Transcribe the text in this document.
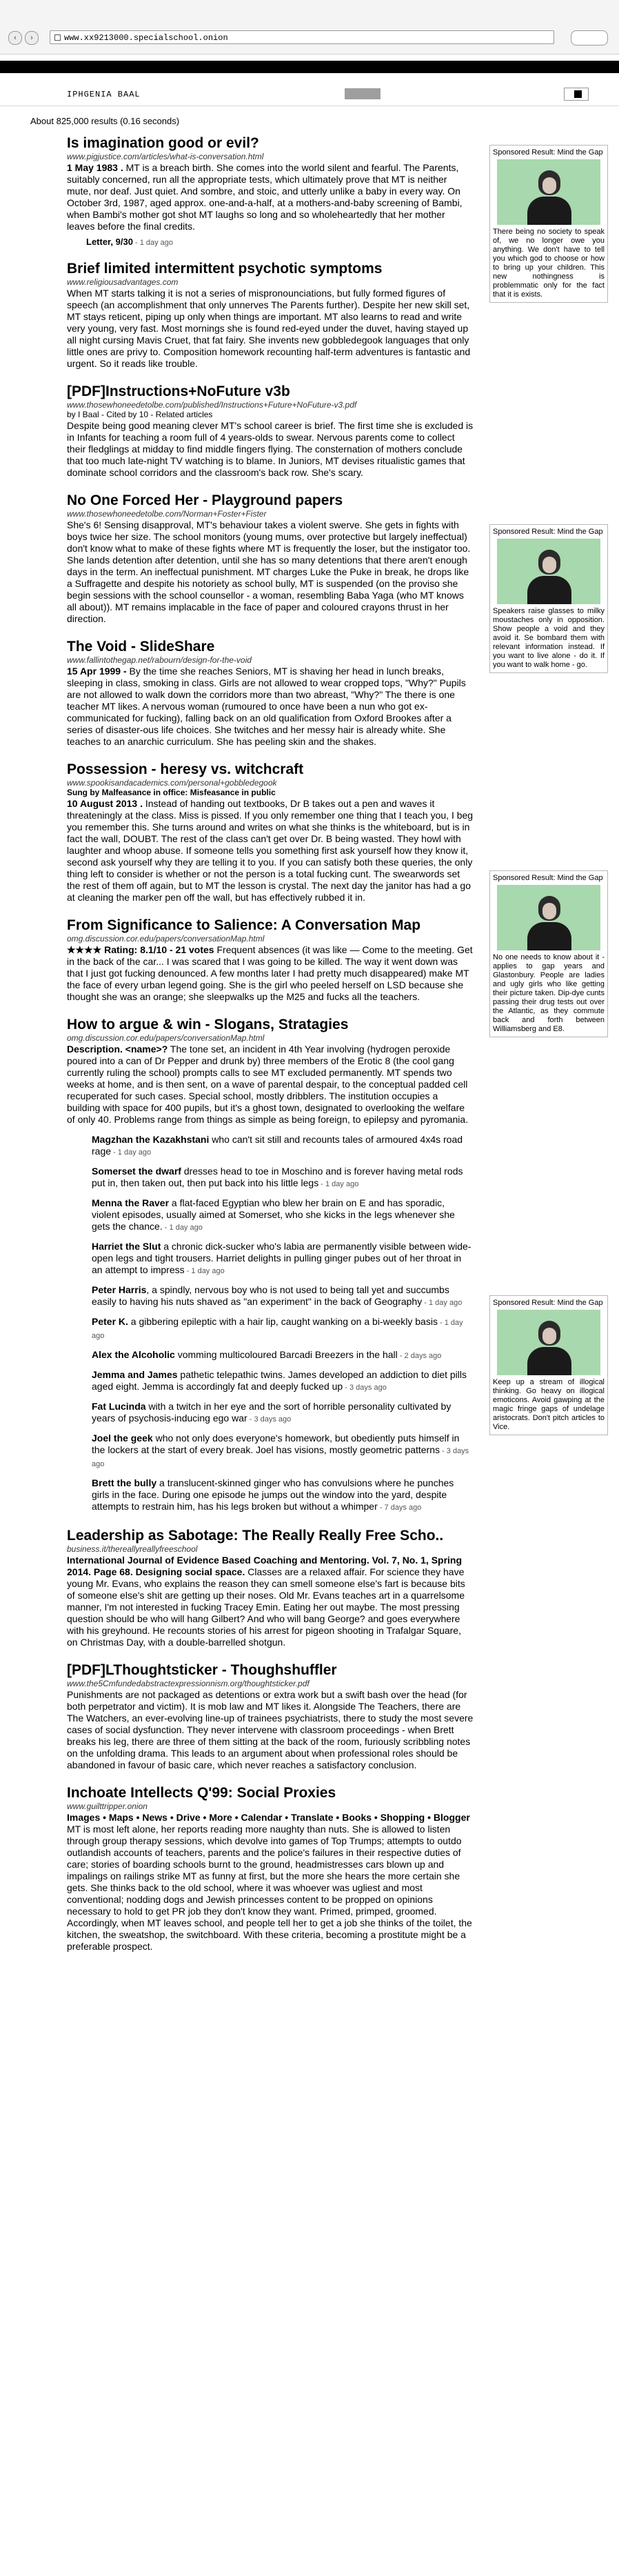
‹	›	www.xx9213000.specialschool.onion
IPHGENIA BAAL
About 825,000 results (0.16 seconds)
Is imagination good or evil?
www.pigjustice.com/articles/what-is-conversation.html
1 May 1983 . MT is a breach birth. She comes into the world silent and fearful. The Parents, suitably concerned, run all the appropriate tests, which ultimately prove that MT is neither mute, nor deaf. Just quiet. And sombre, and stoic, and utterly unlike a baby in every way. On October 3rd, 1987, aged approx. one-and-a-half, at a mothers-and-baby screening of Bambi, when Bambi's mother got shot MT laughs so long and so wholeheartedly that her mother leaves before the final credits.
Letter, 9/30 - 1 day ago
Brief limited intermittent psychotic symptoms
www.religiousadvantages.com
When MT starts talking it is not a series of mispronounciations, but fully formed figures of speech (an accomplishment that only unnerves The Parents further). Despite her new skill set, MT stays reticent, piping up only when things are important. MT also learns to read and write very young, very fast. Most mornings she is found red-eyed under the duvet, having stayed up all night cursing Mavis Cruet, that fat fairy. She invents new gobbledegook languages that only little ones are privy to. Composition homework recounting half-term adventures is fantastic and urgent. So it reads like trouble.
[PDF]Instructions+NoFuture v3b
www.thosewhoneedetolbe.com/published/Instructions+Future+NoFuture-v3.pdf
by I Baal - Cited by 10 - Related articles
Despite being good meaning clever MT's school career is brief. The first time she is excluded is in Infants for teaching a room full of 4 years-olds to swear. Nervous parents come to collect their fledglings at midday to find middle fingers flying. The consternation of mothers conclude that too much late-night TV watching is to blame. In Juniors, MT devises ritualistic games that dominate school corridors and the classroom's back row. She's scary.
No One Forced Her - Playground papers
www.thosewhoneedetolbe.com/Norman+Foster+Fister
She's 6! Sensing disapproval, MT's behaviour takes a violent swerve. She gets in fights with boys twice her size. The school monitors (young mums, over protective but largely ineffectual) don't know what to make of these fights where MT is frequently the loser, but the instigator too. She lands detention after detention, until she has so many detentions that there aren't enough days in the term. An ineffectual punishment. MT charges Luke the Puke in break, he drops like a Suffragette and despite his notoriety as school bully, MT is suspended (on the proviso she begin sessions with the school counsellor - a woman, resembling Baba Yaga (who MT knows all about)). MT remains implacable in the face of paper and coloured crayons thrust in her direction.
The Void - SlideShare
www.fallintothegap.net/rabourn/design-for-the-void
15 Apr 1999 - By the time she reaches Seniors, MT is shaving her head in lunch breaks, sleeping in class, smoking in class. Girls are not allowed to wear cropped tops, "Why?" Pupils are not allowed to walk down the corridors more than two abreast, "Why?" The there is one teacher MT likes. A nervous woman (rumoured to once have been a nun who got ex-communicated for fucking), falling back on an old qualification from Oxford Brookes after a series of disaster-ous life choices. She twitches and her messy hair is already white. She teaches to an anarchic curriculum. She has peeling skin and the shakes.
Possession - heresy vs. witchcraft
www.spookisandacademics.com/personal+gobbledegook
Sung by Malfeasance in office: Misfeasance in public
10 August 2013 . Instead of handing out textbooks, Dr B takes out a pen and waves it threateningly at the class. Miss is pissed. If you only remember one thing that I teach you, I beg you remember this. She turns around and writes on what she thinks is the whiteboard, but is in fact the wall, DOUBT. The rest of the class can't get over Dr. B being wasted. They howl with laughter and whoop abuse. If someone tells you something first ask yourself how they know it, second ask yourself why they are telling it to you. If you can satisfy both these queries, the only thing left to consider is whether or not the person is a total fucking cunt. The swearwords set the rest of them off again, but to MT the lesson is crystal. The next day the janitor has had a go at cleaning the marker pen off the wall, but has effectively rubbed it in.
From Significance to Salience: A Conversation Map
omg.discussion.cor.edu/papers/conversationMap.html
★★★★ Rating: 8.1/10 - 21 votes Frequent absences (it was like — Come to the meeting. Get in the back of the car... I was scared that I was going to be killed. The way it went down was that I just got fucking denounced. A few months later I had pretty much disappeared) make MT the face of every urban legend going. She is the girl who peeled herself on LSD because she thought she was an orange; she sleepwalks up the M25 and fucks all the teachers.
How to argue & win - Slogans, Stratagies
omg.discussion.cor.edu/papers/conversationMap.html
Description. <name>? The tone set, an incident in 4th Year involving (hydrogen peroxide poured into a can of Dr Pepper and drunk by) three members of the Erotic 8 (the cool gang currently ruling the school) prompts calls to see MT excluded permanently. MT spends two weeks at home, and is then sent, on a wave of parental despair, to the conceptual padded cell recuperated for such cases. Special school, mostly dribblers. The institution occupies a building with space for 400 pupils, but it's a ghost town, designated to overlooking the welfare of only 40. Problems range from things as simple as being foreign, to epilepsy and pyromania.
Magzhan the Kazakhstani who can't sit still and recounts tales of armoured 4x4s road rage - 1 day ago
Somerset the dwarf dresses head to toe in Moschino and is forever having metal rods put in, then taken out, then put back into his little legs - 1 day ago
Menna the Raver a flat-faced Egyptian who blew her brain on E and has sporadic, violent episodes, usually aimed at Somerset, who she kicks in the legs whenever she gets the chance. - 1 day ago
Harriet the Slut a chronic dick-sucker who's labia are permanently visible between wide-open legs and tight trousers. Harriet delights in pulling ginger pubes out of her throat in an attempt to impress - 1 day ago
Peter Harris, a spindly, nervous boy who is not used to being tall yet and succumbs easily to having his nuts shaved as "an experiment" in the back of Geography - 1 day ago
Peter K. a gibbering epileptic with a hair lip, caught wanking on a bi-weekly basis - 1 day ago
Alex the Alcoholic vomming multicoloured Barcadi Breezers in the hall - 2 days ago
Jemma and James pathetic telepathic twins. James developed an addiction to diet pills aged eight. Jemma is accordingly fat and deeply fucked up - 3 days ago
Fat Lucinda with a twitch in her eye and the sort of horrible personality cultivated by years of psychosis-inducing ego war - 3 days ago
Joel the geek who not only does everyone's homework, but obediently puts himself in the lockers at the start of every break. Joel has visions, mostly geometric patterns - 3 days ago
Brett the bully a translucent-skinned ginger who has convulsions where he punches girls in the face. During one episode he jumps out the window into the yard, despite attempts to restrain him, has his legs broken but without a whimper - 7 days ago
Leadership as Sabotage: The Really Really Free Scho..
business.it/thereallyreallyfreeschool
International Journal of Evidence Based Coaching and Mentoring. Vol. 7, No. 1, Spring 2014. Page 68. Designing social space. Classes are a relaxed affair. For science they have young Mr. Evans, who explains the reason they can smell someone else's fart is because bits of someone else's shit are getting up their noses. Old Mr. Evans teaches art in a quarrelsome manner, I'm not interested in fucking Tracey Emin. Eating her out maybe. The most pressing question should be who will hang Gilbert? And who will bang George? and goes everywhere with his greyhound. He recounts stories of his arrest for pigeon shooting in Trafalgar Square, on Christmas Day, with a double-barrelled shotgun.
[PDF]LThoughtsticker - Thoughshuffler
www.the5Cmfundedabstractexpressionnism.org/thoughtsticker.pdf
Punishments are not packaged as detentions or extra work but a swift bash over the head (for both perpetrator and victim). It is mob law and MT likes it. Alongside The Teachers, there are The Watchers, an ever-evolving line-up of trainees psychiatrists, there to study the most severe cases of social dysfunction. They never intervene with classroom proceedings - when Brett breaks his leg, there are three of them sitting at the back of the room, furiously scribbling notes on the unfolding drama. This leads to an argument about when professional roles should be abandoned in favour of basic care, which never reaches a satisfactory conclusion.
Inchoate Intellects Q'99: Social Proxies
www.guilttripper.onion
Images • Maps • News • Drive • More • Calendar • Translate • Books • Shopping • Blogger MT is most left alone, her reports reading more naughty than nuts. She is allowed to listen through group therapy sessions, which devolve into games of Top Trumps; attempts to outdo outlandish accounts of teachers, parents and the police's failures in their respective duties of care; stories of boarding schools burnt to the ground, headmistresses cars blown up and impalings on railings strike MT as funny at first, but the more she hears the more certain she gets. She thinks back to the old school, where it was whoever was ugliest and most conventional; nodding dogs and Jewish princesses content to be propped on opinions necessary to hold to get PR job they don't know they want. Primed, primped, groomed. Accordingly, when MT leaves school, and people tell her to get a job she thinks of the toilet, the kitchen, the sweatshop, the switchboard. With these criteria, becoming a prostitute might be a preferable prospect.
Sponsored Result: Mind the Gap
There being no society to speak of, we no longer owe you anything. We don't have to tell you which god to choose or how to bring up your children. This new nothingness is problemmatic only for the fact that it is exists.
Sponsored Result: Mind the Gap
Speakers raise glasses to milky moustaches only in opposition. Show people a void and they avoid it. Se bombard them with relevant information instead. If you want to live alone - do it. If you want to walk home - go.
Sponsored Result: Mind the Gap
No one needs to know about it - applies to gap years and Glastonbury. People are ladies and ugly girls who like getting their picture taken. Dip-dye cunts passing their drug tests out over the Atlantic, as they commute back and forth between Williamsberg and E8.
Sponsored Result: Mind the Gap
Keep up a stream of illogical thinking. Go heavy on illogical emoticons. Avoid gawping at the magic fringe gaps of undelage aristocrats. Don't pitch articles to Vice.
